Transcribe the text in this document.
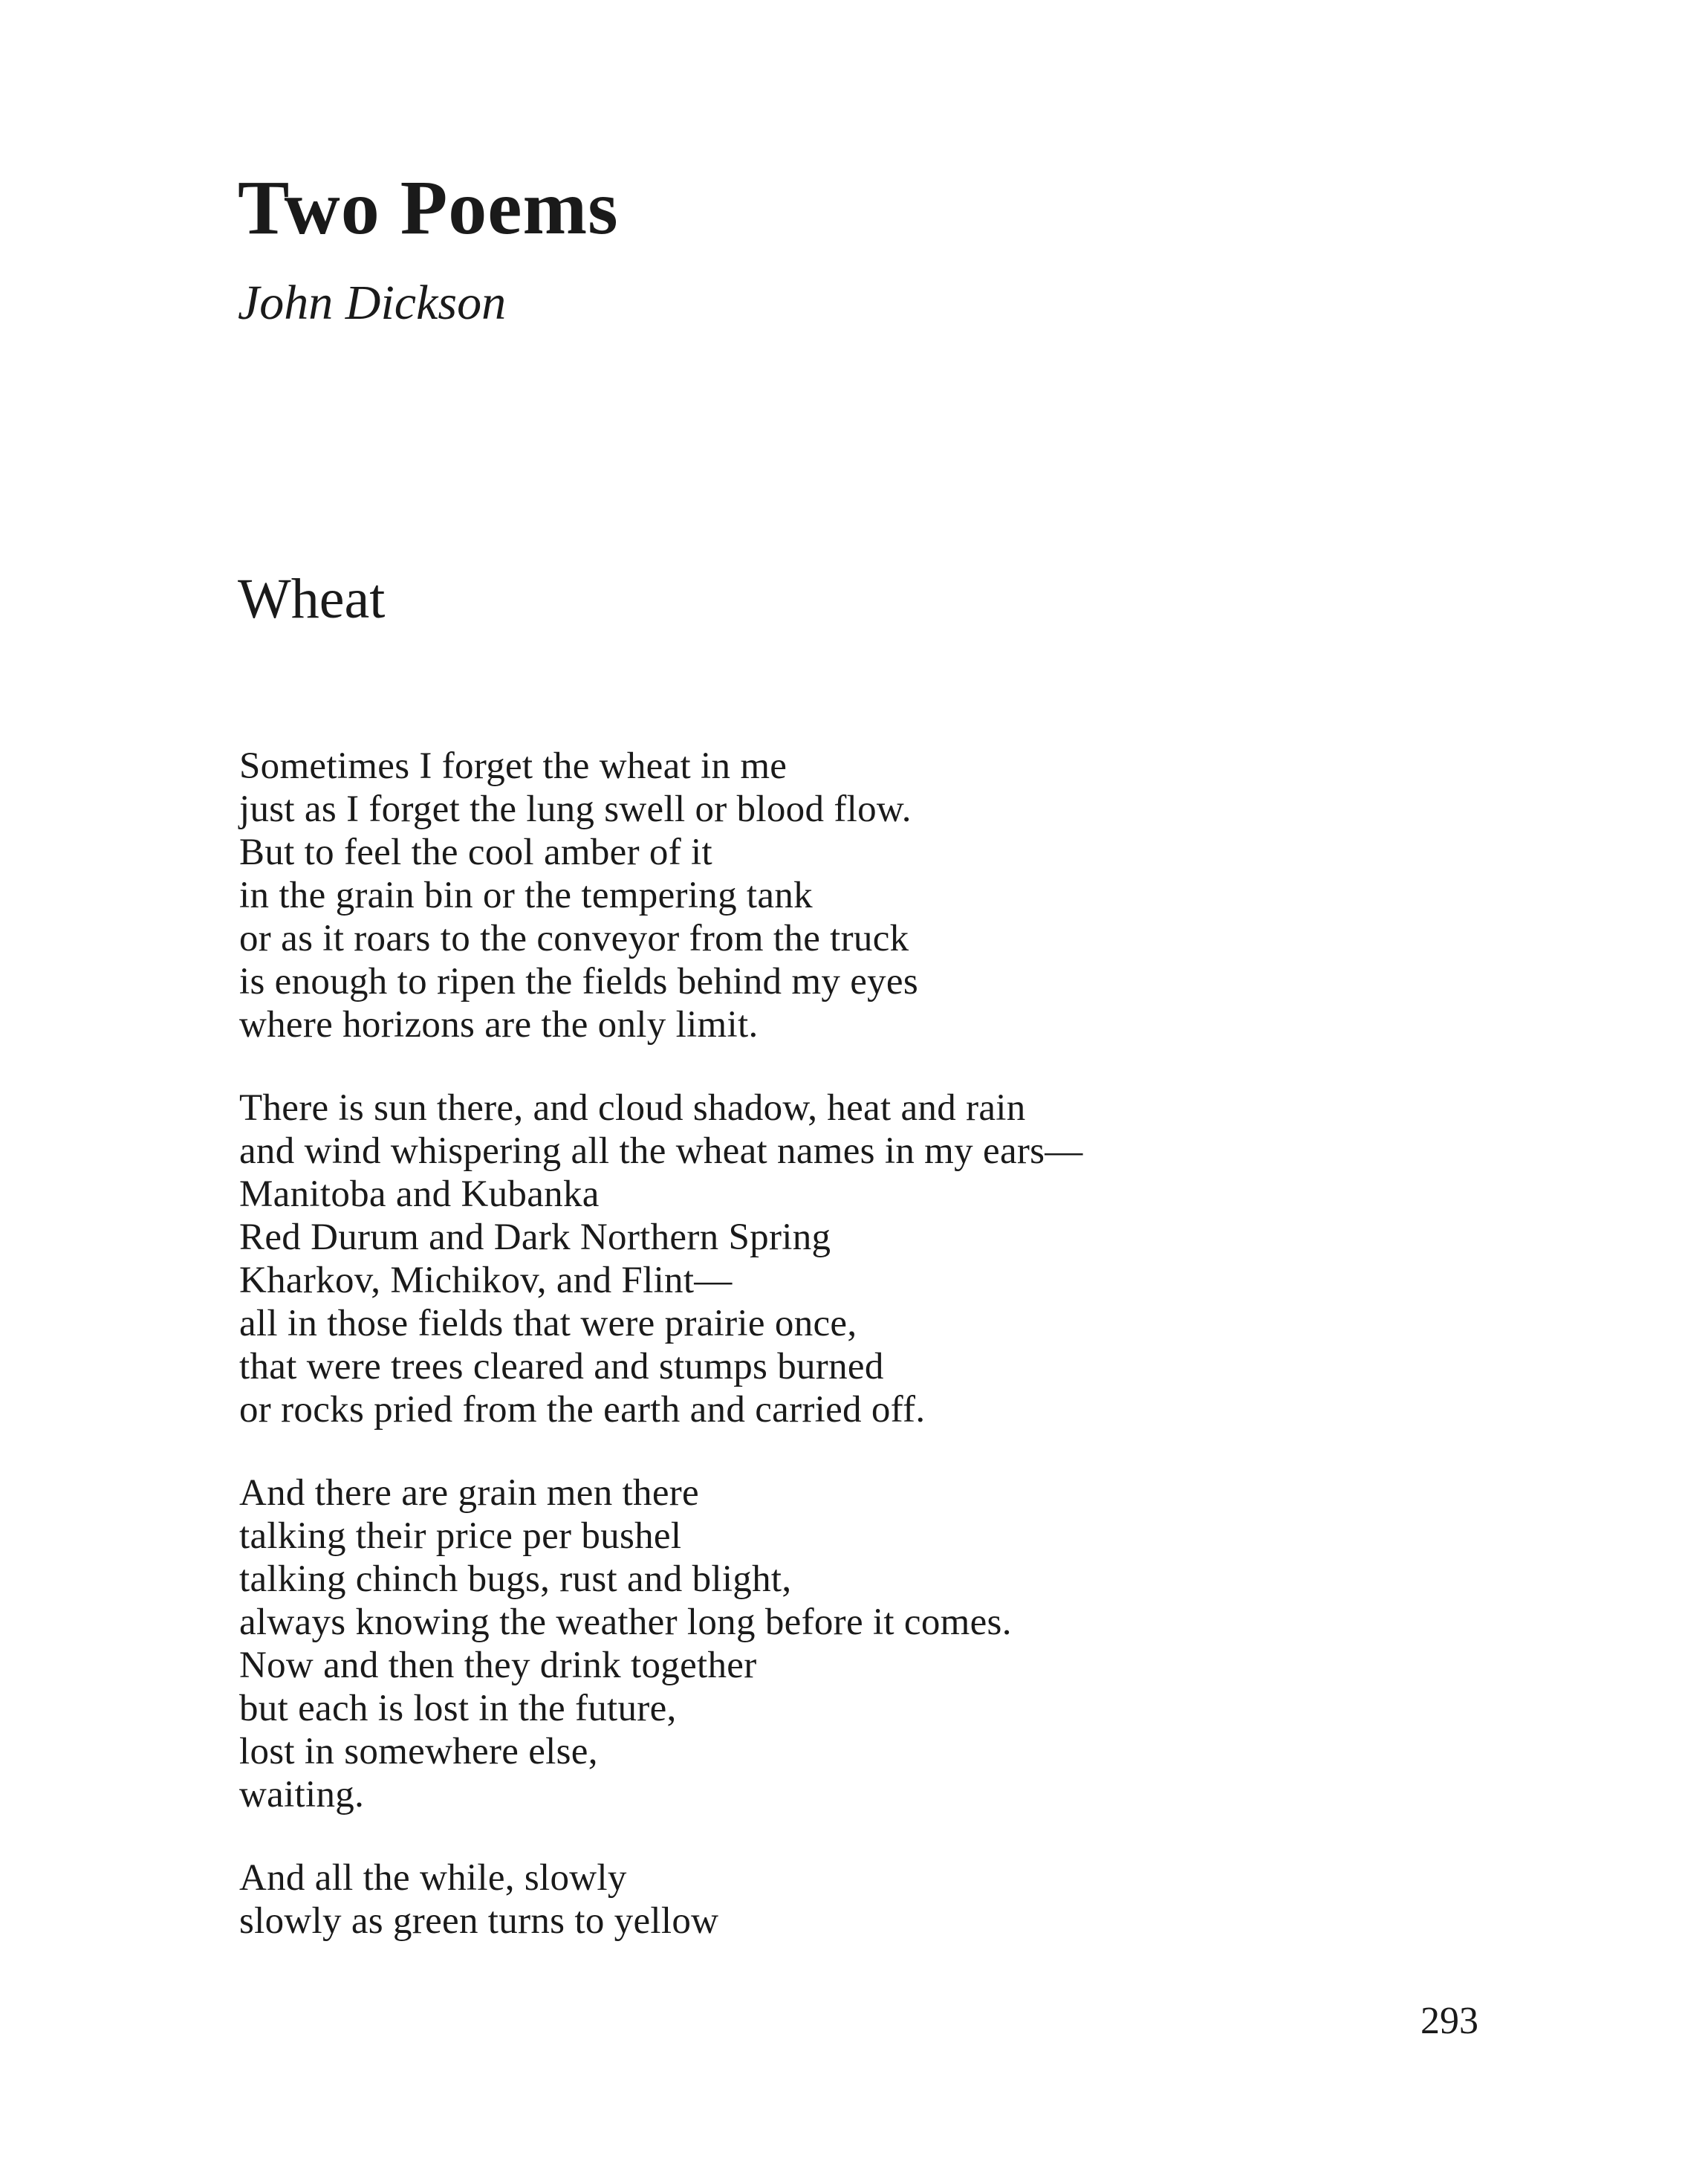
Two Poems

John Dickson

Wheat
Sometimes I forget the wheat in me
just as I forget the lung swell or blood flow.
But to feel the cool amber of it
in the grain bin or the tempering tank
or as it roars to the conveyor from the truck
is enough to ripen the fields behind my eyes
where horizons are the only limit.
There is sun there, and cloud shadow, heat and rain
and wind whispering all the wheat names in my ears—
Manitoba and Kubanka
Red Durum and Dark Northern Spring
Kharkov, Michikov, and Flint—
all in those fields that were prairie once,
that were trees cleared and stumps burned
or rocks pried from the earth and carried off.
And there are grain men there
talking their price per bushel
talking chinch bugs, rust and blight,
always knowing the weather long before it comes.
Now and then they drink together
but each is lost in the future,
lost in somewhere else,
waiting.
And all the while, slowly
slowly as green turns to yellow

293
